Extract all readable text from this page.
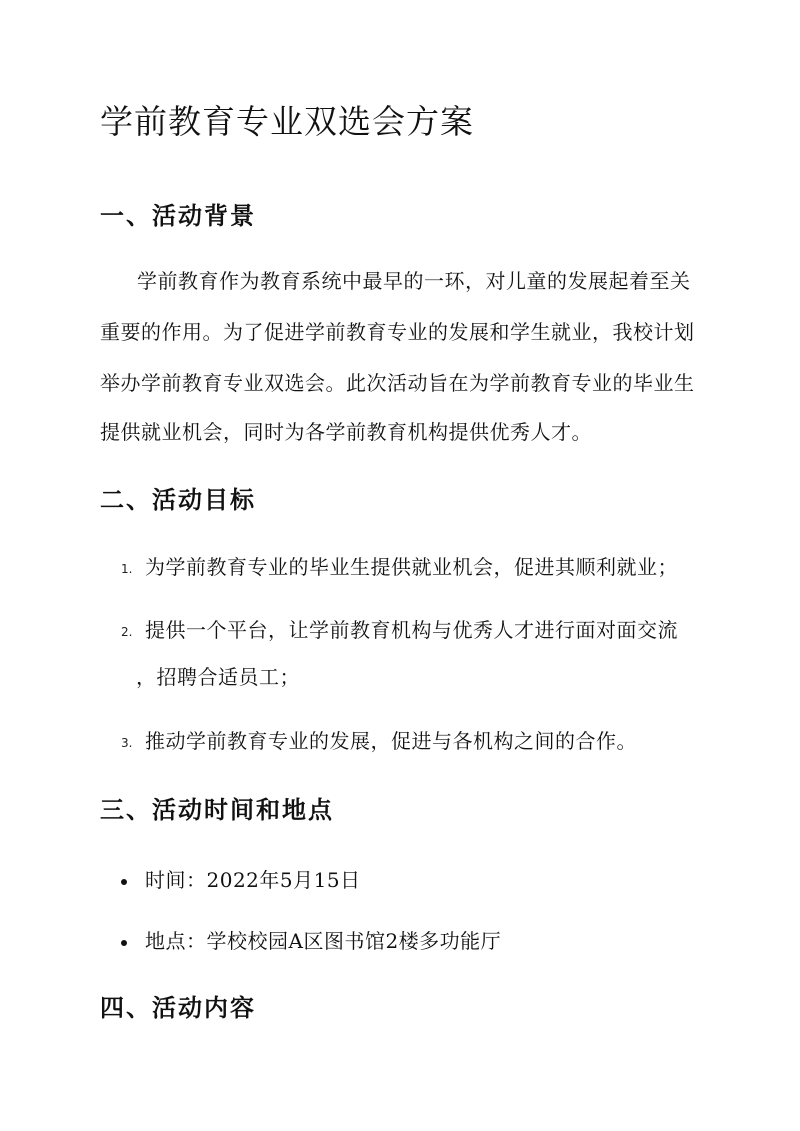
学前教育专业双选会方案
一、活动背景

学前教育作为教育系统中最早的一环，对儿童的发展起着至关

重要的作用。为了促进学前教育专业的发展和学生就业，我校计划

举办学前教育专业双选会。此次活动旨在为学前教育专业的毕业生

提供就业机会，同时为各学前教育机构提供优秀人才。

二、活动目标
1. 为学前教育专业的毕业生提供就业机会，促进其顺利就业；

2. 提供一个平台，让学前教育机构与优秀人才进行面对面交流

，招聘合适员工；

3. 推动学前教育专业的发展，促进与各机构之间的合作。

三、活动时间和地点

时间：2022年5月15日

地点：学校校园A区图书馆2楼多功能厅

四、活动内容
